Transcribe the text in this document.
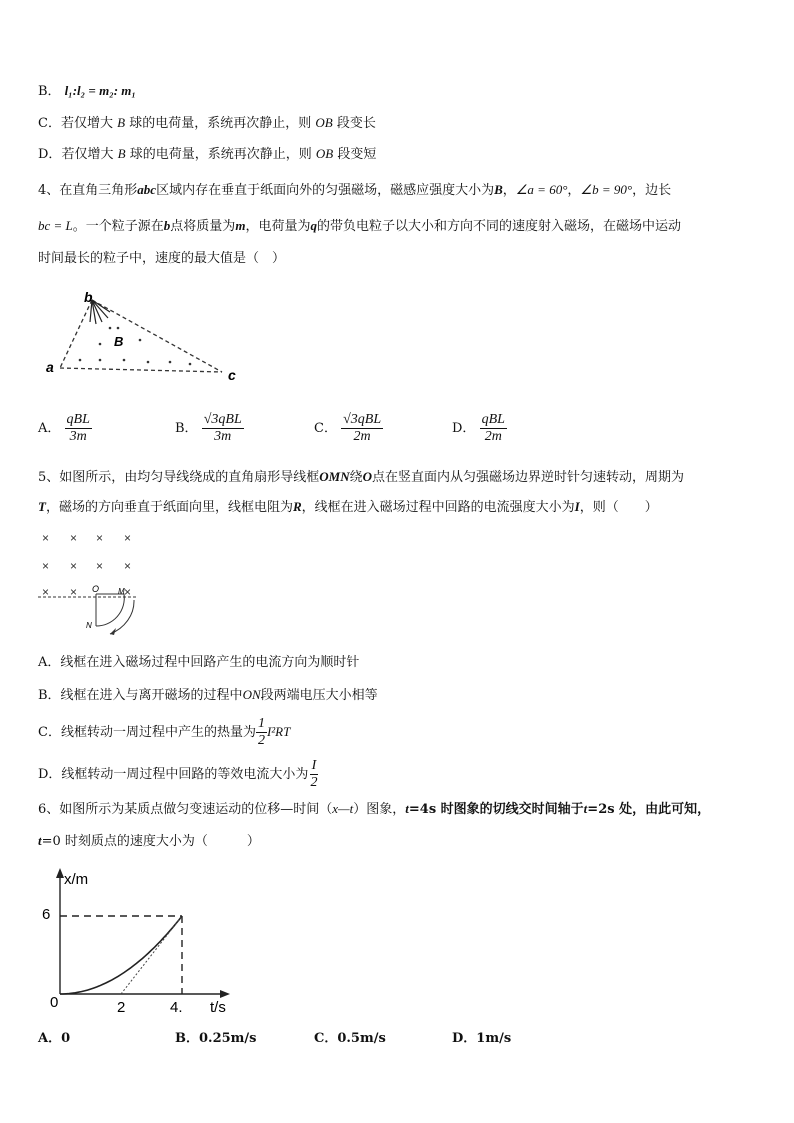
B． l₁:l₂ = m₂: m₁
C．若仅增大 B 球的电荷量，系统再次静止，则 OB 段变长
D．若仅增大 B 球的电荷量，系统再次静止，则 OB 段变短
4、在直角三角形abc区域内存在垂直于纸面向外的匀强磁场，磁感应强度大小为B，∠a = 60°，∠b = 90°，边长
bc = L。一个粒子源在b点将质量为m，电荷量为q的带负电粒子以大小和方向不同的速度射入磁场，在磁场中运动
时间最长的粒子中，速度的最大值是（　）
b
B
a	c
A． $\frac{\text{qBL}}{3m}$	B． $\frac{\text{√3qBL}}{3m}$	C． $\frac{\text{√3qBL}}{2m}$	D． $\frac{\text{qBL}}{2m}$
5、如图所示，由均匀导线绕成的直角扇形导线框OMN绕O点在竖直面内从匀强磁场边界逆时针匀速转动，周期为
T，磁场的方向垂直于纸面向里，线框电阻为R，线框在进入磁场过程中回路的电流强度大小为I，则（　　）
× × × ×
× × × ×
× ×	×
O M
N
A．线框在进入磁场过程中回路产生的电流方向为顺时针
B．线框在进入与离开磁场的过程中ON段两端电压大小相等
C．线框转动一周过程中产生的热量为 $\frac{1}{2} I^2RT$
D．线框转动一周过程中回路的等效电流大小为 $\frac{I}{2}$
6、如图所示为某质点做匀变速运动的位移—时间（x—t）图象，t=4s 时图象的切线交时间轴于t=2s 处，由此可知，
t=0 时刻质点的速度大小为（　　　）
x/m
t/s
0
6
2	4.
A．0	B．0.25m/s	C．0.5m/s	D．1m/s
